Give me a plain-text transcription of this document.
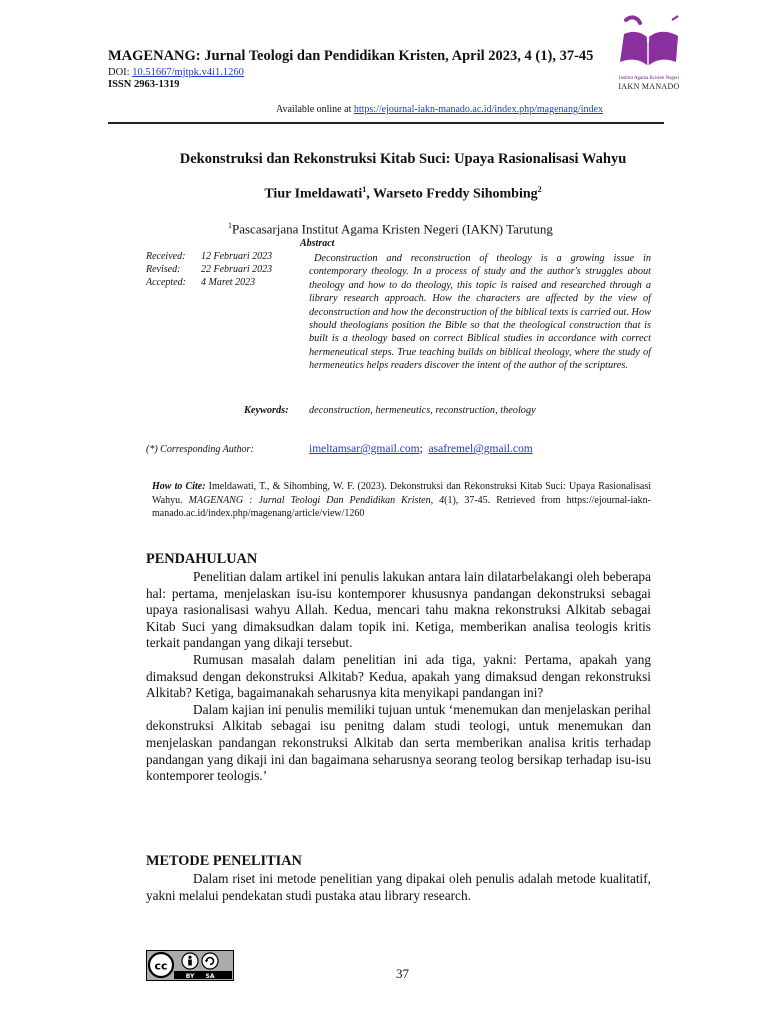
MAGENANG: Jurnal Teologi dan Pendidikan Kristen, April 2023, 4 (1), 37-45
DOI: 10.51667/mjtpk.v4i1.1260
ISSN 2963-1319
Institut Agama Kristen Negeri
IAKN MANADO
Available online at https://ejournal-iakn-manado.ac.id/index.php/magenang/index
Dekonstruksi dan Rekonstruksi Kitab Suci: Upaya Rasionalisasi Wahyu
Tiur Imeldawati$^1$, Warseto Freddy Sihombing$^2$
$^1$Pascasarjana Institut Agama Kristen Negeri (IAKN) Tarutung
Received:	12 Februari 2023
Revised:	22 Februari 2023
Accepted:	4 Maret 2023
Abstract
Deconstruction and reconstruction of theology is a growing issue in contemporary theology. In a process of study and the author's struggles about theology and how to do theology, this topic is raised and researched through a library research approach. How the characters are affected by the view of deconstruction and how the deconstruction of the biblical texts is carried out. How should theologians position the Bible so that the theological construction that is built is a theology based on correct Biblical studies in accordance with correct hermeneutical steps. True teaching builds on biblical theology, where the study of hermeneutics helps readers discover the intent of the author of the scriptures.
Keywords: deconstruction, hermeneutics, reconstruction, theology
(*) Corresponding Author:	imeltamsar@gmail.com; asafremel@gmail.com
How to Cite: Imeldawati, T., & Sihombing, W. F. (2023). Dekonstruksi dan Rekonstruksi Kitab Suci: Upaya Rasionalisasi Wahyu. MAGENANG : Jurnal Teologi Dan Pendidikan Kristen, 4(1), 37-45. Retrieved from https://ejournal-iakn-manado.ac.id/index.php/magenang/article/view/1260
PENDAHULUAN

Penelitian dalam artikel ini penulis lakukan antara lain dilatarbelakangi oleh beberapa hal: pertama, menjelaskan isu-isu kontemporer khususnya pandangan dekonstruksi sebagai upaya rasionalisasi wahyu Allah. Kedua, mencari tahu makna rekonstruksi Alkitab sebagai Kitab Suci yang dimaksudkan dalam topik ini. Ketiga, memberikan analisa teologis kritis terkait pandangan yang dikaji tersebut.

Rumusan masalah dalam penelitian ini ada tiga, yakni: Pertama, apakah yang dimaksud dengan dekonstruksi Alkitab? Kedua, apakah yang dimaksud dengan rekonstruksi Alkitab? Ketiga, bagaimanakah seharusnya kita menyikapi pandangan ini?

Dalam kajian ini penulis memiliki tujuan untuk ‘menemukan dan menjelaskan perihal dekonstruksi Alkitab sebagai isu penitng dalam studi teologi, untuk menemukan dan menjelaskan pandangan rekonstruksi Alkitab dan serta memberikan analisa kritis terhadap pandangan yang dikaji ini dan bagaimana seharusnya seorang teolog bersikap terhadap isu-isu kontemporer teologis.’

METODE PENELITIAN

Dalam riset ini metode penelitian yang dipakai oleh penulis adalah metode kualitatif, yakni melalui pendekatan studi pustaka atau library research.

cc
BY SA	37
